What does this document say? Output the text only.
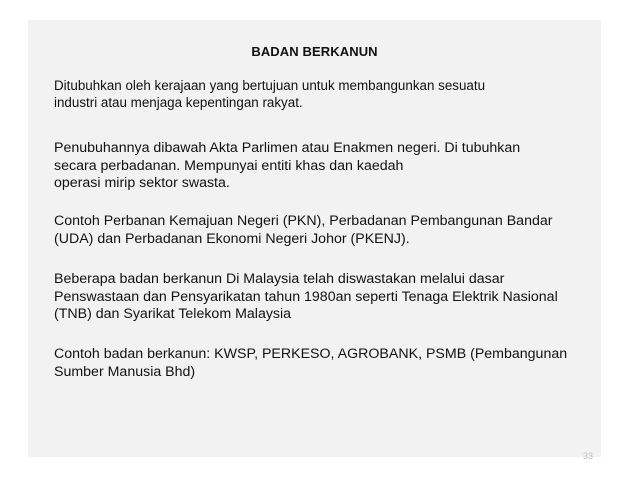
BADAN BERKANUN
Ditubuhkan oleh kerajaan yang bertujuan untuk membangunkan sesuatu
industri atau menjaga kepentingan rakyat.
Penubuhannya dibawah Akta Parlimen atau Enakmen negeri. Di tubuhkan
secara perbadanan. Mempunyai entiti khas dan kaedah
operasi mirip sektor swasta.
Contoh Perbanan Kemajuan Negeri (PKN), Perbadanan Pembangunan Bandar
(UDA) dan Perbadanan Ekonomi Negeri Johor (PKENJ).
Beberapa badan berkanun Di Malaysia telah diswastakan melalui dasar
Penswastaan dan Pensyarikatan tahun 1980an seperti Tenaga Elektrik Nasional
(TNB) dan Syarikat Telekom Malaysia
Contoh badan berkanun: KWSP, PERKESO, AGROBANK, PSMB (Pembangunan
Sumber Manusia Bhd)
33
